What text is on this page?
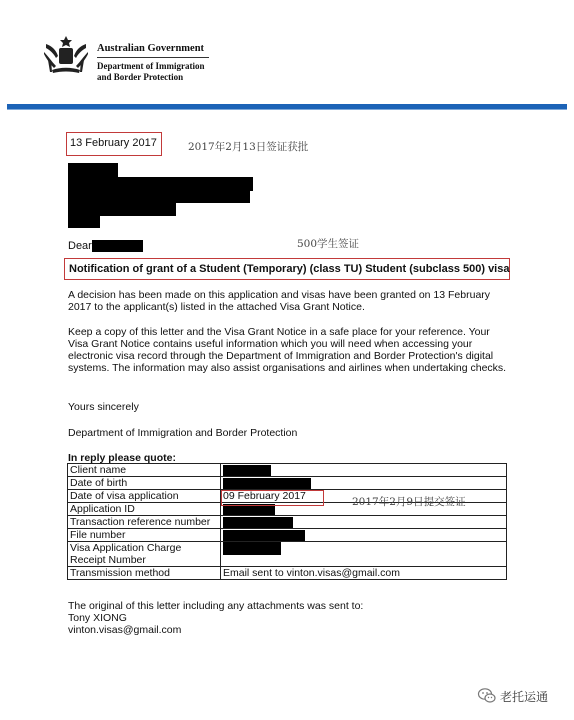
Australian Government
Department of Immigration
and Border Protection
13 February 2017	2017年2月13日签证获批
Dear	500学生签证
Notification of grant of a Student (Temporary) (class TU) Student (subclass 500) visa
A decision has been made on this application and visas have been granted on 13 February 2017 to the applicant(s) listed in the attached Visa Grant Notice.
Keep a copy of this letter and the Visa Grant Notice in a safe place for your reference. Your Visa Grant Notice contains useful information which you will need when accessing your electronic visa record through the Department of Immigration and Border Protection's digital systems. The information may also assist organisations and airlines when undertaking checks.
Yours sincerely
Department of Immigration and Border Protection
In reply please quote:
Client name	
Date of birth	
Date of visa application	09 February 2017
Application ID	
Transaction reference number	
File number	
Visa Application Charge Receipt Number	
Transmission method	Email sent to vinton.visas@gmail.com
2017年2月9日提交签证
The original of this letter including any attachments was sent to:
Tony XIONG
vinton.visas@gmail.com
老托运通
